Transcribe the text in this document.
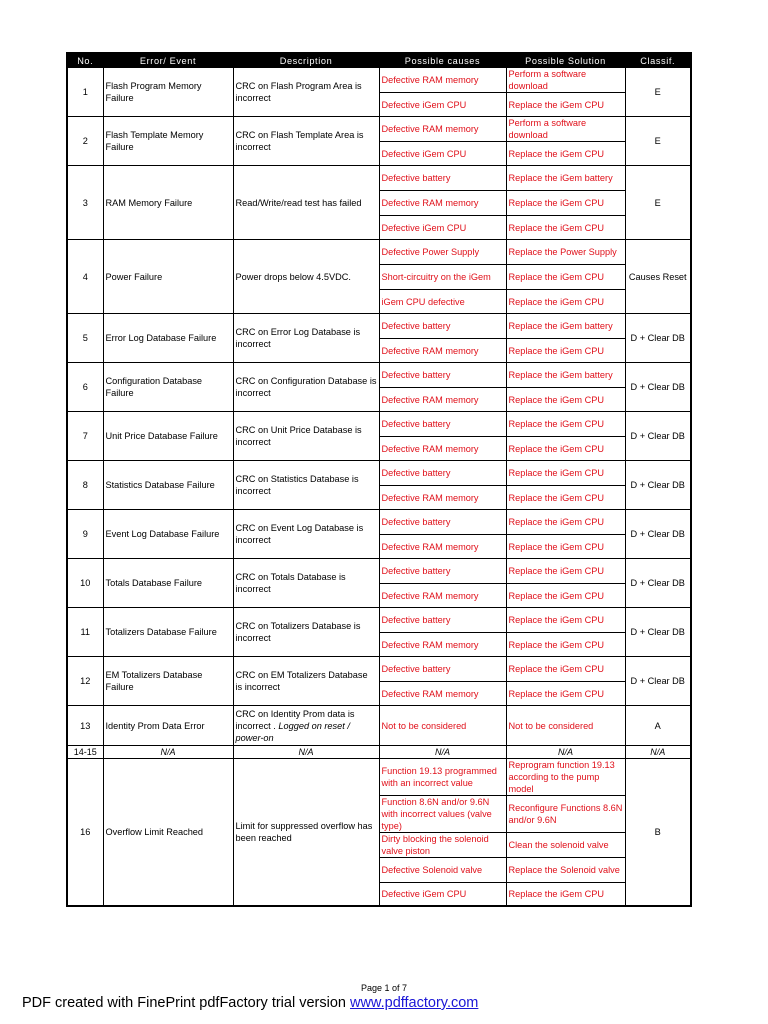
No.	Error/ Event	Description	Possible causes	Possible Solution	Classif.
1	Flash Program Memory Failure	CRC on Flash Program Area is incorrect	Defective RAM memory	Perform a software download	E
			Defective iGem CPU	Replace the iGem CPU	
2	Flash Template Memory Failure	CRC on Flash Template Area is incorrect	Defective RAM memory	Perform a software download	E
			Defective iGem CPU	Replace the iGem CPU	
3	RAM Memory Failure	Read/Write/read test has failed	Defective battery	Replace the iGem battery	E
			Defective RAM memory	Replace the iGem CPU	
			Defective iGem CPU	Replace the iGem CPU	
4	Power Failure	Power drops below 4.5VDC.	Defective Power Supply	Replace the Power Supply	Causes Reset
			Short-circuitry on the iGem	Replace the iGem CPU	
			iGem CPU defective	Replace the iGem CPU	
5	Error Log Database Failure	CRC on Error Log Database is incorrect	Defective battery	Replace the iGem battery	D + Clear DB
			Defective RAM memory	Replace the iGem CPU	
6	Configuration Database Failure	CRC on Configuration Database is incorrect	Defective battery	Replace the iGem battery	D + Clear DB
			Defective RAM memory	Replace the iGem CPU	
7	Unit Price Database Failure	CRC on Unit Price Database is incorrect	Defective battery	Replace the iGem CPU	D + Clear DB
			Defective RAM memory	Replace the iGem CPU	
8	Statistics Database Failure	CRC on Statistics Database is incorrect	Defective battery	Replace the iGem CPU	D + Clear DB
			Defective RAM memory	Replace the iGem CPU	
9	Event Log Database Failure	CRC on Event Log Database is incorrect	Defective battery	Replace the iGem CPU	D + Clear DB
			Defective RAM memory	Replace the iGem CPU	
10	Totals Database Failure	CRC on Totals Database is incorrect	Defective battery	Replace the iGem CPU	D + Clear DB
			Defective RAM memory	Replace the iGem CPU	
11	Totalizers Database Failure	CRC on Totalizers Database is incorrect	Defective battery	Replace the iGem CPU	D + Clear DB
			Defective RAM memory	Replace the iGem CPU	
12	EM Totalizers Database Failure	CRC on EM Totalizers Database is incorrect	Defective battery	Replace the iGem CPU	D + Clear DB
			Defective RAM memory	Replace the iGem CPU	
13	Identity Prom Data Error	CRC on Identity Prom data is incorrect . Logged on reset / power-on	Not to be considered	Not to be considered	A
14-15	N/A	N/A	N/A	N/A	N/A
16	Overflow Limit Reached	Limit for suppressed overflow has been reached	Function 19.13 programmed with an incorrect value	Reprogram function 19.13 according to the pump model	B
			Function 8.6N and/or 9.6N with incorrect values (valve type)	Reconfigure Functions 8.6N and/or 9.6N	
			Dirty blocking the solenoid valve piston	Clean the solenoid valve	
			Defective Solenoid valve	Replace the Solenoid valve	
			Defective iGem CPU	Replace the iGem CPU	
Page 1 of 7
PDF created with FinePrint pdfFactory trial version www.pdffactory.com
